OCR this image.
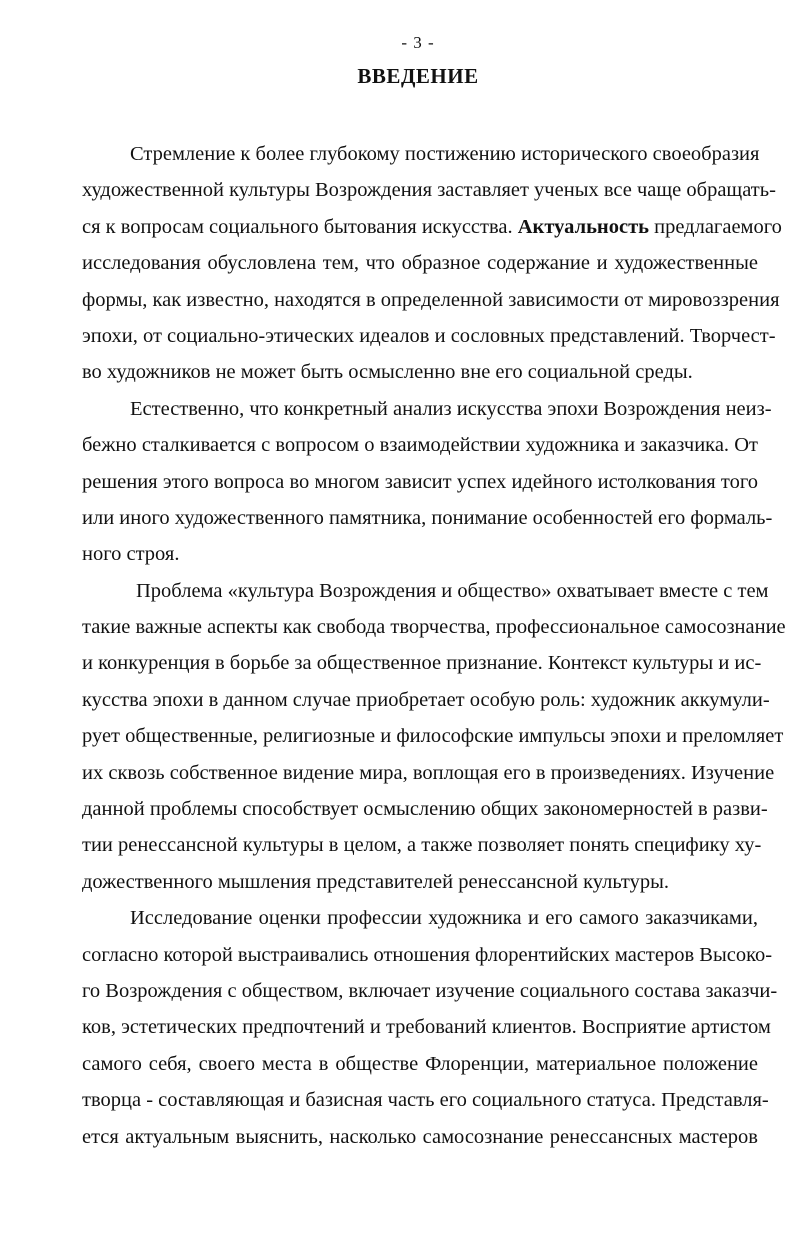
- 3 -
ВВЕДЕНИЕ
Стремление к более глубокому постижению исторического своеобразия
художественной культуры Возрождения заставляет ученых все чаще обращать-
ся к вопросам социального бытования искусства. Актуальность предлагаемого
исследования обусловлена тем, что образное содержание и художественные
формы, как известно, находятся в определенной зависимости от мировоззрения
эпохи, от социально-этических идеалов и сословных представлений. Творчест-
во художников не может быть осмысленно вне его социальной среды.
Естественно, что конкретный анализ искусства эпохи Возрождения неиз-
бежно сталкивается с вопросом о взаимодействии художника и заказчика. От
решения этого вопроса во многом зависит успех идейного истолкования того
или иного художественного памятника, понимание особенностей его формаль-
ного строя.
Проблема «культура Возрождения и общество» охватывает вместе с тем
такие важные аспекты как свобода творчества, профессиональное самосознание
и конкуренция в борьбе за общественное признание. Контекст культуры и ис-
кусства эпохи в данном случае приобретает особую роль: художник аккумули-
рует общественные, религиозные и философские импульсы эпохи и преломляет
их сквозь собственное видение мира, воплощая его в произведениях. Изучение
данной проблемы способствует осмыслению общих закономерностей в разви-
тии ренессансной культуры в целом, а также позволяет понять специфику ху-
дожественного мышления представителей ренессансной культуры.
Исследование оценки профессии художника и его самого заказчиками,
согласно которой выстраивались отношения флорентийских мастеров Высоко-
го Возрождения с обществом, включает изучение социального состава заказчи-
ков, эстетических предпочтений и требований клиентов. Восприятие артистом
самого себя, своего места в обществе Флоренции, материальное положение
творца - составляющая и базисная часть его социального статуса. Представля-
ется актуальным выяснить, насколько самосознание ренессансных мастеров
